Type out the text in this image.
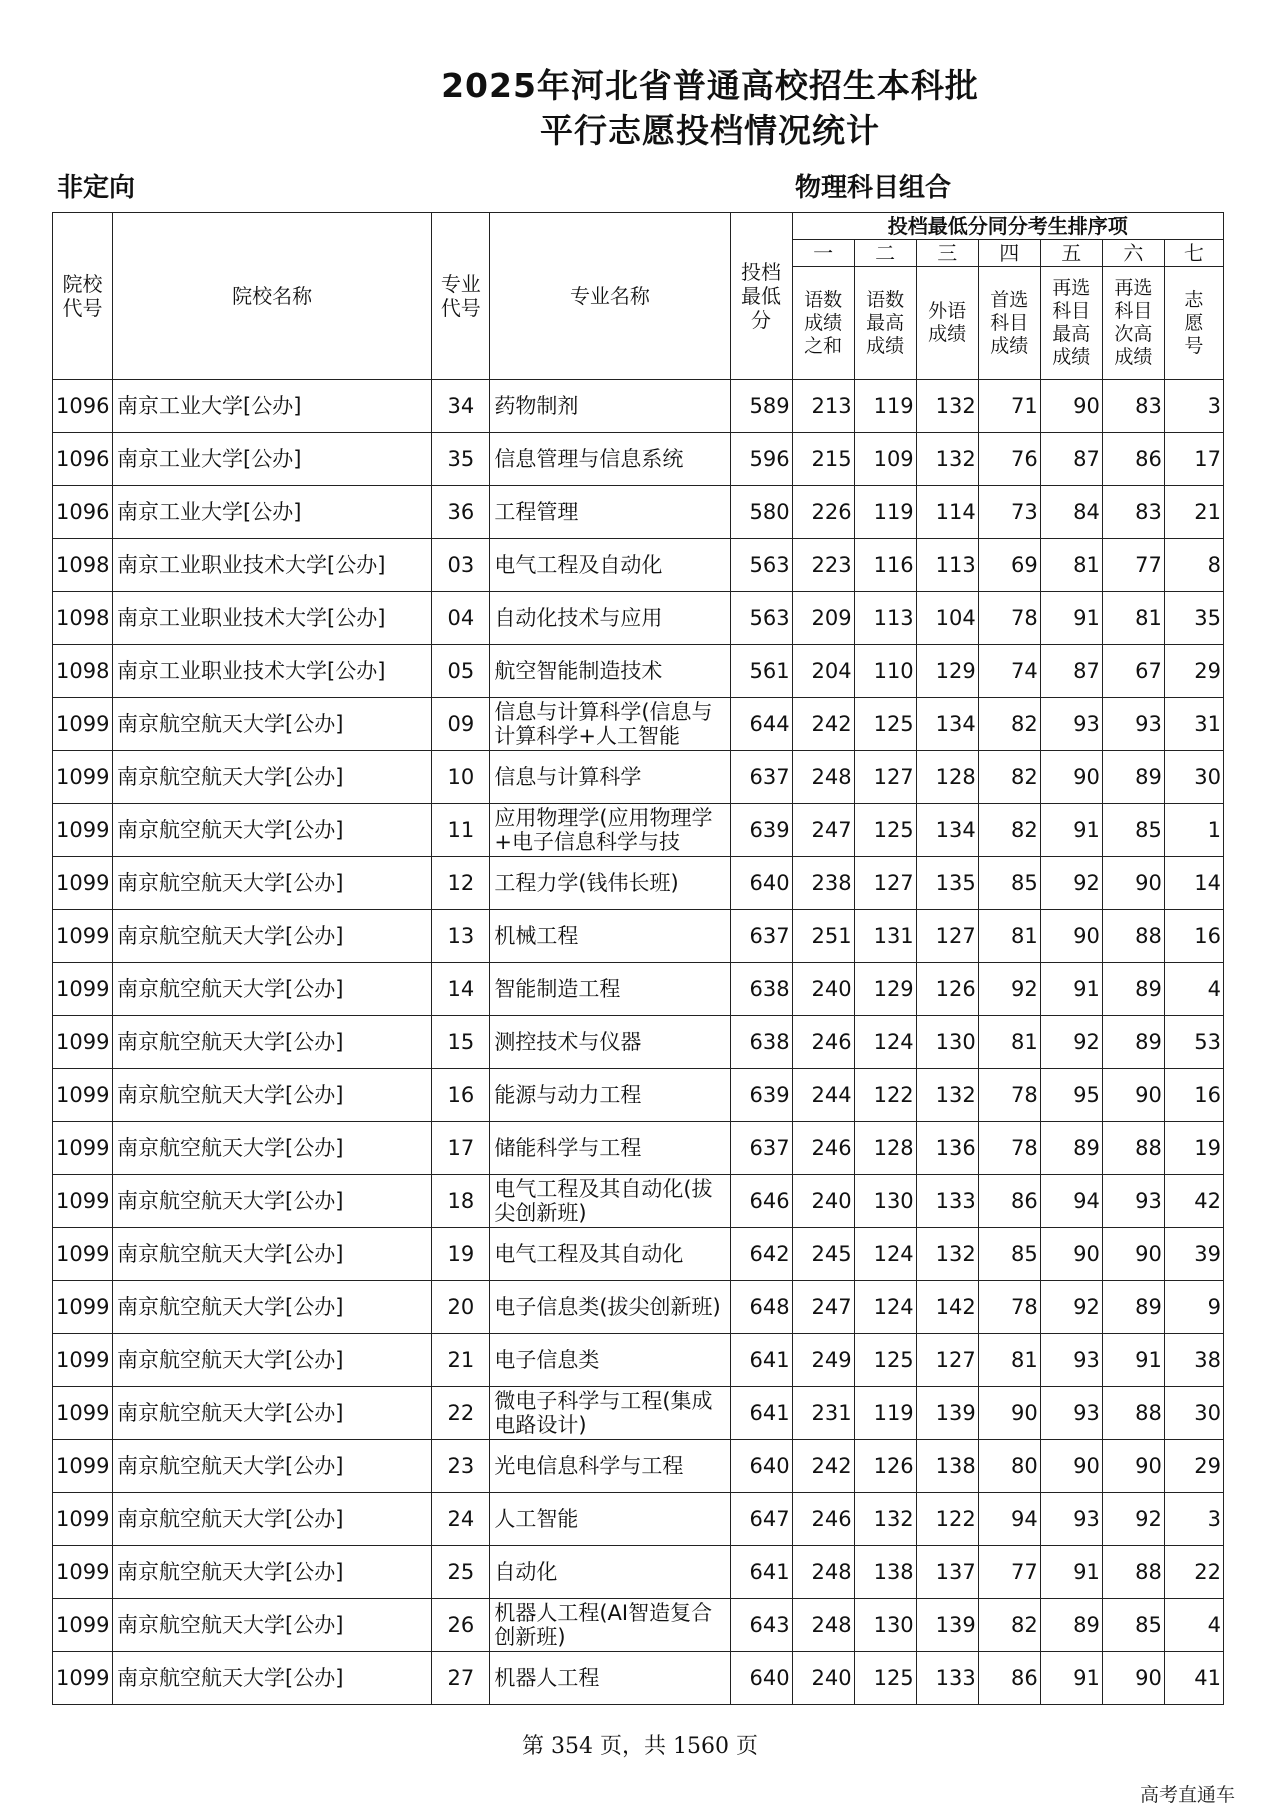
2025年河北省普通高校招生本科批
平行志愿投档情况统计
非定向	物理科目组合
院校代号	院校名称	专业代号	专业名称	投档最低分	投档最低分同分考生排序项						
					一	二	三	四	五	六	七
					语数成绩之和	语数最高成绩	外语成绩	首选科目成绩	再选科目最高成绩	再选科目次高成绩	志愿号
1096	南京工业大学[公办]	34	药物制剂	589	213	119	132	71	90	83	3
1096	南京工业大学[公办]	35	信息管理与信息系统	596	215	109	132	76	87	86	17
1096	南京工业大学[公办]	36	工程管理	580	226	119	114	73	84	83	21
1098	南京工业职业技术大学[公办]	03	电气工程及自动化	563	223	116	113	69	81	77	8
1098	南京工业职业技术大学[公办]	04	自动化技术与应用	563	209	113	104	78	91	81	35
1098	南京工业职业技术大学[公办]	05	航空智能制造技术	561	204	110	129	74	87	67	29
1099	南京航空航天大学[公办]	09	信息与计算科学(信息与计算科学+人工智能	644	242	125	134	82	93	93	31
1099	南京航空航天大学[公办]	10	信息与计算科学	637	248	127	128	82	90	89	30
1099	南京航空航天大学[公办]	11	应用物理学(应用物理学+电子信息科学与技	639	247	125	134	82	91	85	1
1099	南京航空航天大学[公办]	12	工程力学(钱伟长班)	640	238	127	135	85	92	90	14
1099	南京航空航天大学[公办]	13	机械工程	637	251	131	127	81	90	88	16
1099	南京航空航天大学[公办]	14	智能制造工程	638	240	129	126	92	91	89	4
1099	南京航空航天大学[公办]	15	测控技术与仪器	638	246	124	130	81	92	89	53
1099	南京航空航天大学[公办]	16	能源与动力工程	639	244	122	132	78	95	90	16
1099	南京航空航天大学[公办]	17	储能科学与工程	637	246	128	136	78	89	88	19
1099	南京航空航天大学[公办]	18	电气工程及其自动化(拔尖创新班)	646	240	130	133	86	94	93	42
1099	南京航空航天大学[公办]	19	电气工程及其自动化	642	245	124	132	85	90	90	39
1099	南京航空航天大学[公办]	20	电子信息类(拔尖创新班)	648	247	124	142	78	92	89	9
1099	南京航空航天大学[公办]	21	电子信息类	641	249	125	127	81	93	91	38
1099	南京航空航天大学[公办]	22	微电子科学与工程(集成电路设计)	641	231	119	139	90	93	88	30
1099	南京航空航天大学[公办]	23	光电信息科学与工程	640	242	126	138	80	90	90	29
1099	南京航空航天大学[公办]	24	人工智能	647	246	132	122	94	93	92	3
1099	南京航空航天大学[公办]	25	自动化	641	248	138	137	77	91	88	22
1099	南京航空航天大学[公办]	26	机器人工程(AI智造复合创新班)	643	248	130	139	82	89	85	4
1099	南京航空航天大学[公办]	27	机器人工程	640	240	125	133	86	91	90	41
第 354 页，共 1560 页
高考直通车
